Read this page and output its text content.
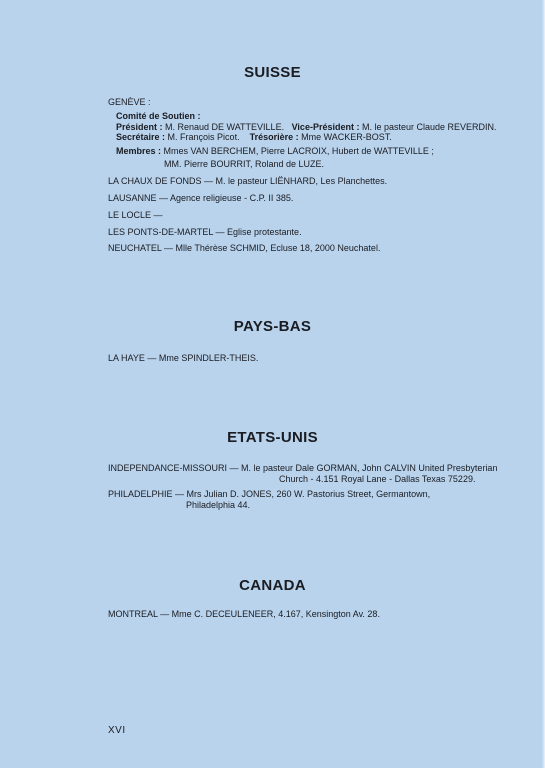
SUISSE
GENÈVE :
Comité de Soutien :
Président : M. Renaud DE WATTEVILLE. Vice-Président : M. le pasteur Claude REVERDIN.
Secrétaire : M. François Picot. Trésorière : Mme WACKER-BOST.
Membres : Mmes VAN BERCHEM, Pierre LACROIX, Hubert de WATTEVILLE ;
MM. Pierre BOURRIT, Roland de LUZE.
LA CHAUX DE FONDS — M. le pasteur LIËNHARD, Les Planchettes.
LAUSANNE — Agence religieuse - C.P. II 385.
LE LOCLE —
LES PONTS-DE-MARTEL — Eglise protestante.
NEUCHATEL — Mlle Thérèse SCHMID, Ecluse 18, 2000 Neuchatel.
PAYS-BAS
LA HAYE — Mme SPINDLER-THEIS.
ETATS-UNIS
INDEPENDANCE-MISSOURI — M. le pasteur Dale GORMAN, John CALVIN United Presbyterian
Church - 4.151 Royal Lane - Dallas Texas 75229.
PHILADELPHIE — Mrs Julian D. JONES, 260 W. Pastorius Street, Germantown,
Philadelphia 44.
CANADA
MONTREAL — Mme C. DECEULENEER, 4.167, Kensington Av. 28.
XVI
